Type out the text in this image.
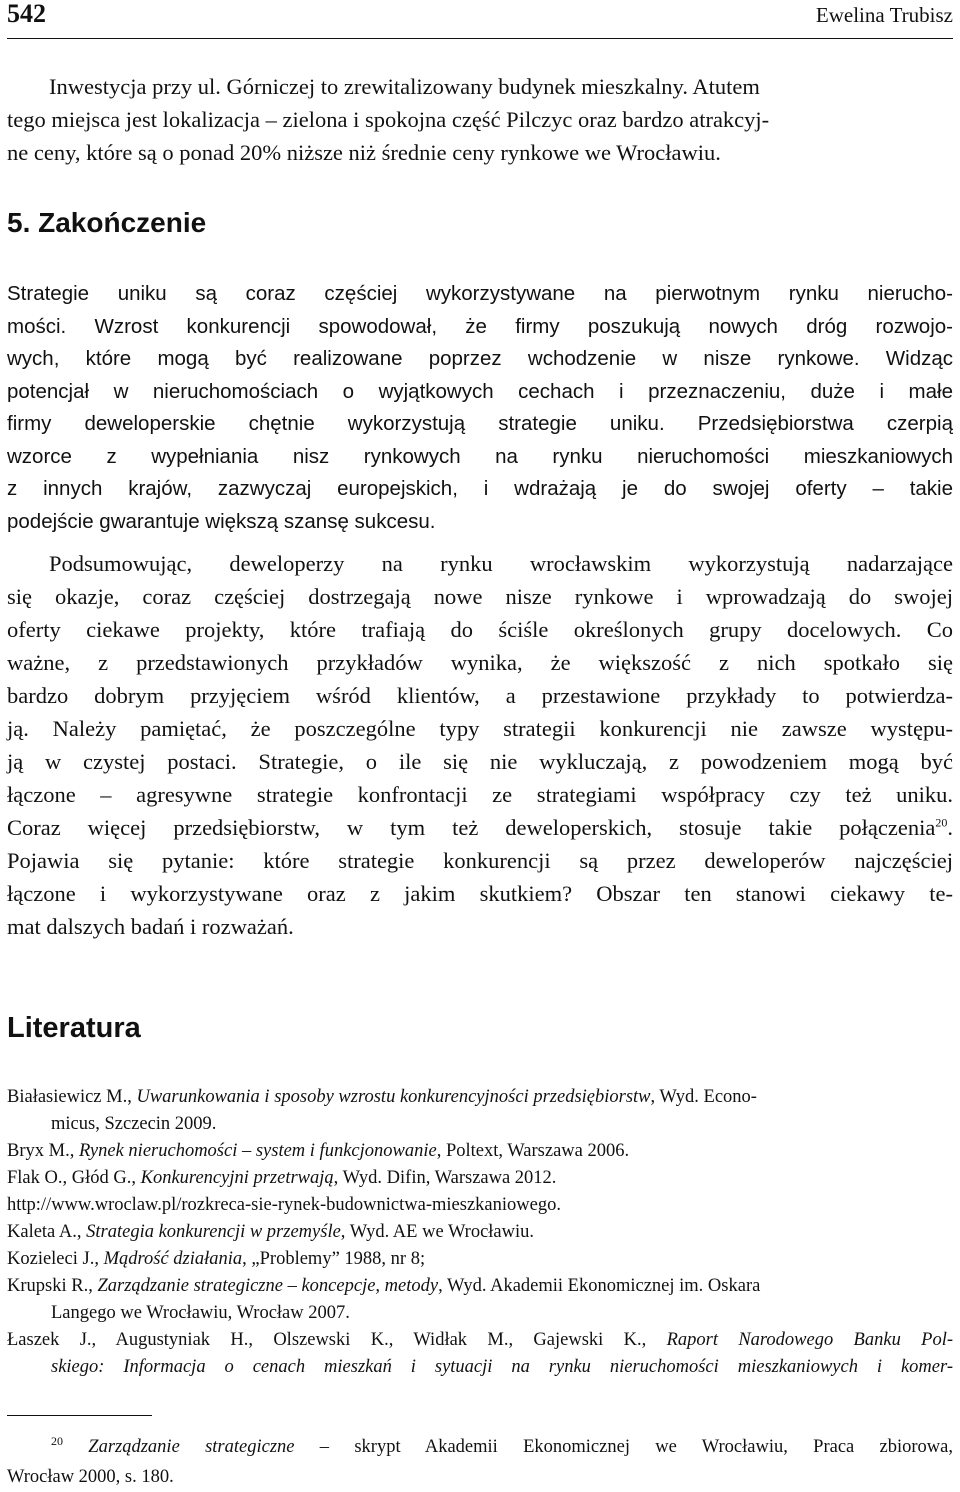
542	Ewelina Trubisz
Inwestycja przy ul. Górniczej to zrewitalizowany budynek mieszkalny. Atutem
tego miejsca jest lokalizacja – zielona i spokojna część Pilczyc oraz bardzo atrakcyj-
ne ceny, które są o ponad 20% niższe niż średnie ceny rynkowe we Wrocławiu.
5. Zakończenie
Strategie uniku są coraz częściej wykorzystywane na pierwotnym rynku nierucho-
mości. Wzrost konkurencji spowodował, że firmy poszukują nowych dróg rozwojo-
wych, które mogą być realizowane poprzez wchodzenie w nisze rynkowe. Widząc
potencjał w nieruchomościach o wyjątkowych cechach i przeznaczeniu, duże i małe
firmy deweloperskie chętnie wykorzystują strategie uniku. Przedsiębiorstwa czerpią
wzorce z wypełniania nisz rynkowych na rynku nieruchomości mieszkaniowych
z innych krajów, zazwyczaj europejskich, i wdrażają je do swojej oferty – takie
podejście gwarantuje większą szansę sukcesu.
Podsumowując, deweloperzy na rynku wrocławskim wykorzystują nadarzające
się okazje, coraz częściej dostrzegają nowe nisze rynkowe i wprowadzają do swojej
oferty ciekawe projekty, które trafiają do ściśle określonych grupy docelowych. Co
ważne, z przedstawionych przykładów wynika, że większość z nich spotkało się
bardzo dobrym przyjęciem wśród klientów, a przestawione przykłady to potwierdza-
ją. Należy pamiętać, że poszczególne typy strategii konkurencji nie zawsze występu-
ją w czystej postaci. Strategie, o ile się nie wykluczają, z powodzeniem mogą być
łączone – agresywne strategie konfrontacji ze strategiami współpracy czy też uniku.
Coraz więcej przedsiębiorstw, w tym też deweloperskich, stosuje takie połączenia$^{20}$.
Pojawia się pytanie: które strategie konkurencji są przez deweloperów najczęściej
łączone i wykorzystywane oraz z jakim skutkiem? Obszar ten stanowi ciekawy te-
mat dalszych badań i rozważań.
Literatura
Białasiewicz M., Uwarunkowania i sposoby wzrostu konkurencyjności przedsiębiorstw, Wyd. Econo-
micus, Szczecin 2009.
Bryx M., Rynek nieruchomości – system i funkcjonowanie, Poltext, Warszawa 2006.
Flak O., Głód G., Konkurencyjni przetrwają, Wyd. Difin, Warszawa 2012.
http://www.wroclaw.pl/rozkreca-sie-rynek-budownictwa-mieszkaniowego.
Kaleta A., Strategia konkurencji w przemyśle, Wyd. AE we Wrocławiu.
Kozieleci J., Mądrość działania, „Problemy” 1988, nr 8;
Krupski R., Zarządzanie strategiczne – koncepcje, metody, Wyd. Akademii Ekonomicznej im. Oskara
Langego we Wrocławiu, Wrocław 2007.
Łaszek J., Augustyniak H., Olszewski K., Widłak M., Gajewski K., Raport Narodowego Banku Pol-
skiego: Informacja o cenach mieszkań i sytuacji na rynku nieruchomości mieszkaniowych i komer-
$^{20}$ Zarządzanie strategiczne – skrypt Akademii Ekonomicznej we Wrocławiu, Praca zbiorowa,
Wrocław 2000, s. 180.
